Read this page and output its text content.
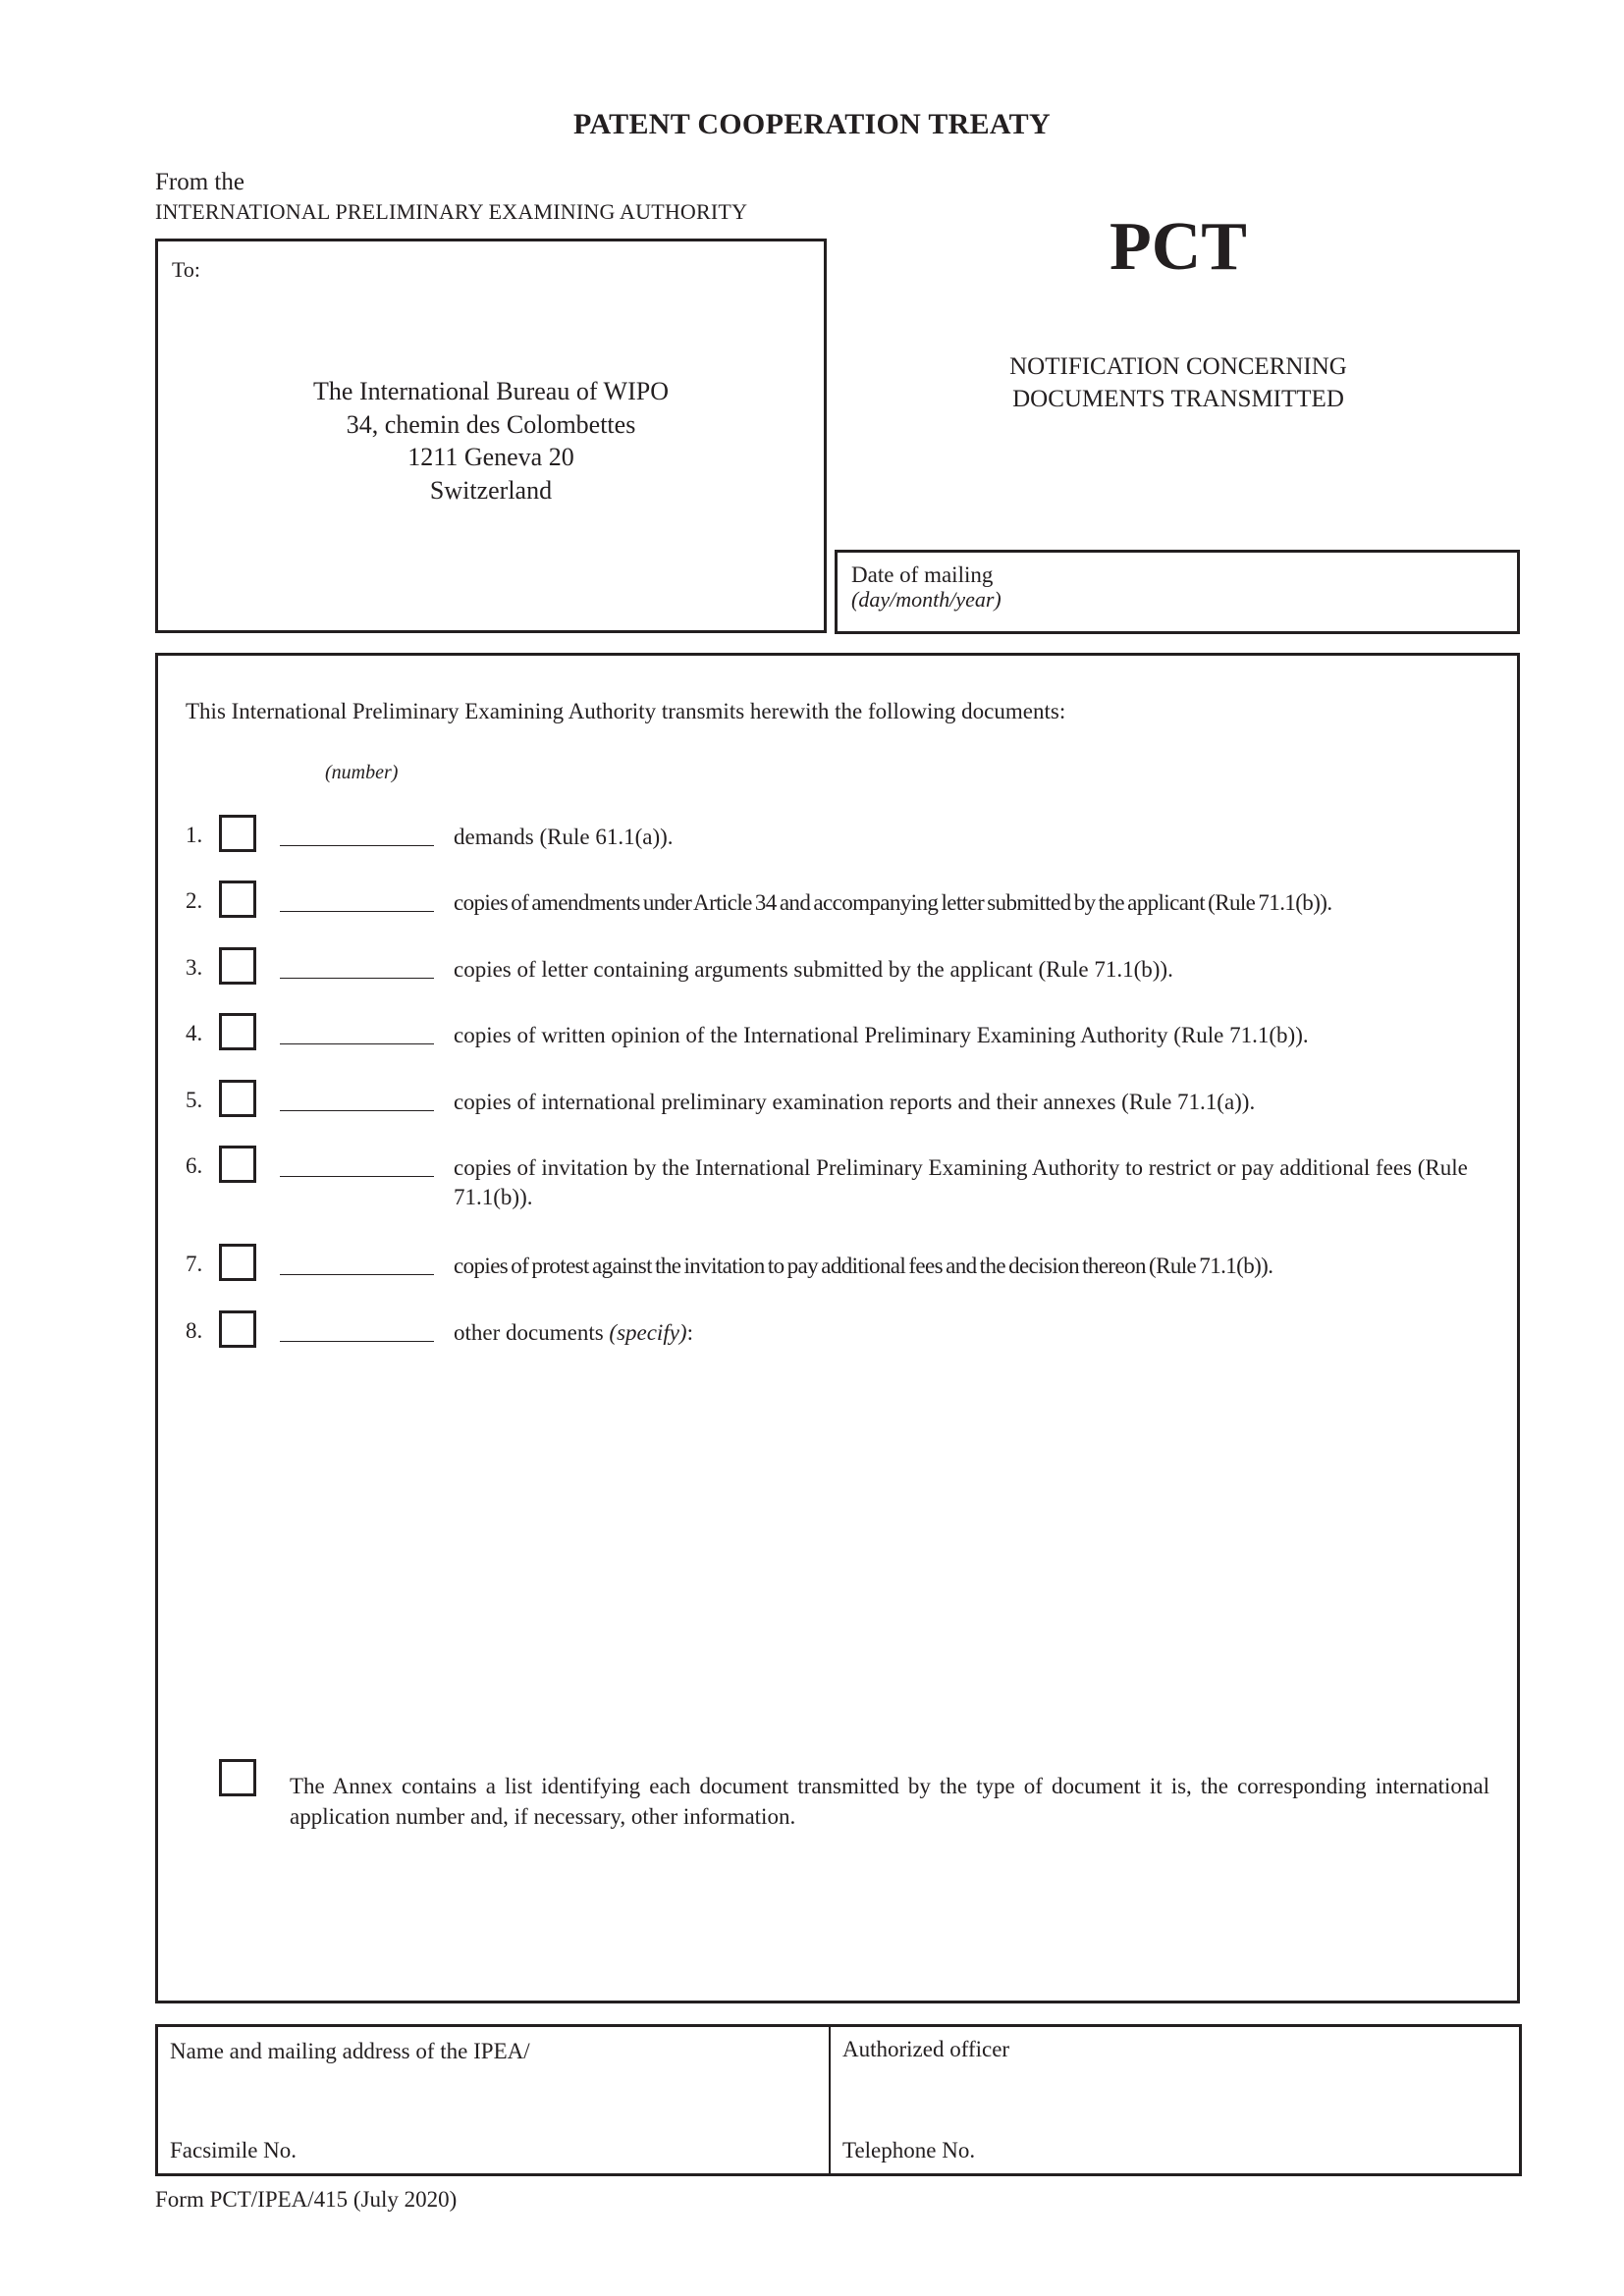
PATENT COOPERATION TREATY
From the
INTERNATIONAL PRELIMINARY EXAMINING AUTHORITY
To:
The International Bureau of WIPO
34, chemin des Colombettes
1211 Geneva 20
Switzerland
PCT
NOTIFICATION CONCERNING
DOCUMENTS TRANSMITTED
Date of mailing
(day/month/year)
This International Preliminary Examining Authority transmits herewith the following documents:
(number)
1.	demands (Rule 61.1(a)).
2.	copies of amendments under Article 34 and accompanying letter submitted by the applicant (Rule 71.1(b)).
3.	copies of letter containing arguments submitted by the applicant (Rule 71.1(b)).
4.	copies of written opinion of the International Preliminary Examining Authority (Rule 71.1(b)).
5.	copies of international preliminary examination reports and their annexes (Rule 71.1(a)).
6.	copies of invitation by the International Preliminary Examining Authority to restrict or pay additional fees (Rule 71.1(b)).
7.	copies of protest against the invitation to pay additional fees and the decision thereon (Rule 71.1(b)).
8.	other documents (specify):
The Annex contains a list identifying each document transmitted by the type of document it is, the corresponding international application number and, if necessary, other information.
Name and mailing address of the IPEA/
Facsimile No.
Authorized officer
Telephone No.
Form PCT/IPEA/415 (July 2020)
